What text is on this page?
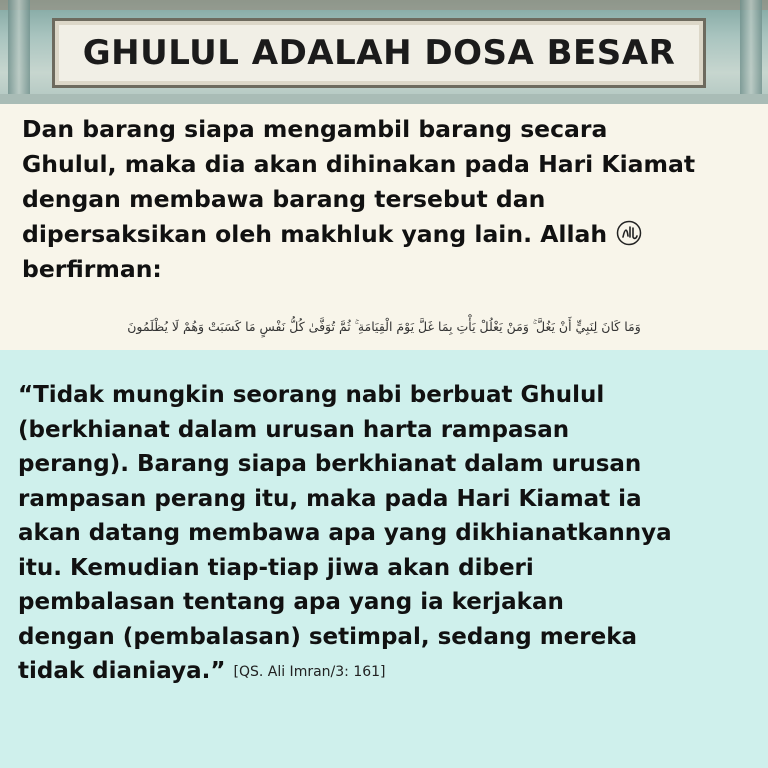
GHULUL ADALAH DOSA BESAR

Dan barang siapa mengambil barang secara
Ghulul, maka dia akan dihinakan pada Hari Kiamat
dengan membawa barang tersebut dan
dipersaksikan oleh makhluk yang lain. Allah
berfirman:

وَمَا كَانَ لِنَبِيٍّ أَنْ يَغُلَّ ۚ وَمَنْ يَغْلُلْ يَأْتِ بِمَا غَلَّ يَوْمَ الْقِيَامَةِ ۚ ثُمَّ تُوَفَّىٰ كُلُّ نَفْسٍ مَا كَسَبَتْ وَهُمْ لَا يُظْلَمُونَ

“Tidak mungkin seorang nabi berbuat Ghulul
(berkhianat dalam urusan harta rampasan
perang). Barang siapa berkhianat dalam urusan
rampasan perang itu, maka pada Hari Kiamat ia
akan datang membawa apa yang dikhianatkannya
itu. Kemudian tiap-tiap jiwa akan diberi
pembalasan tentang apa yang ia kerjakan
dengan (pembalasan) setimpal, sedang mereka
tidak dianiaya.” [QS. Ali Imran/3: 161]
